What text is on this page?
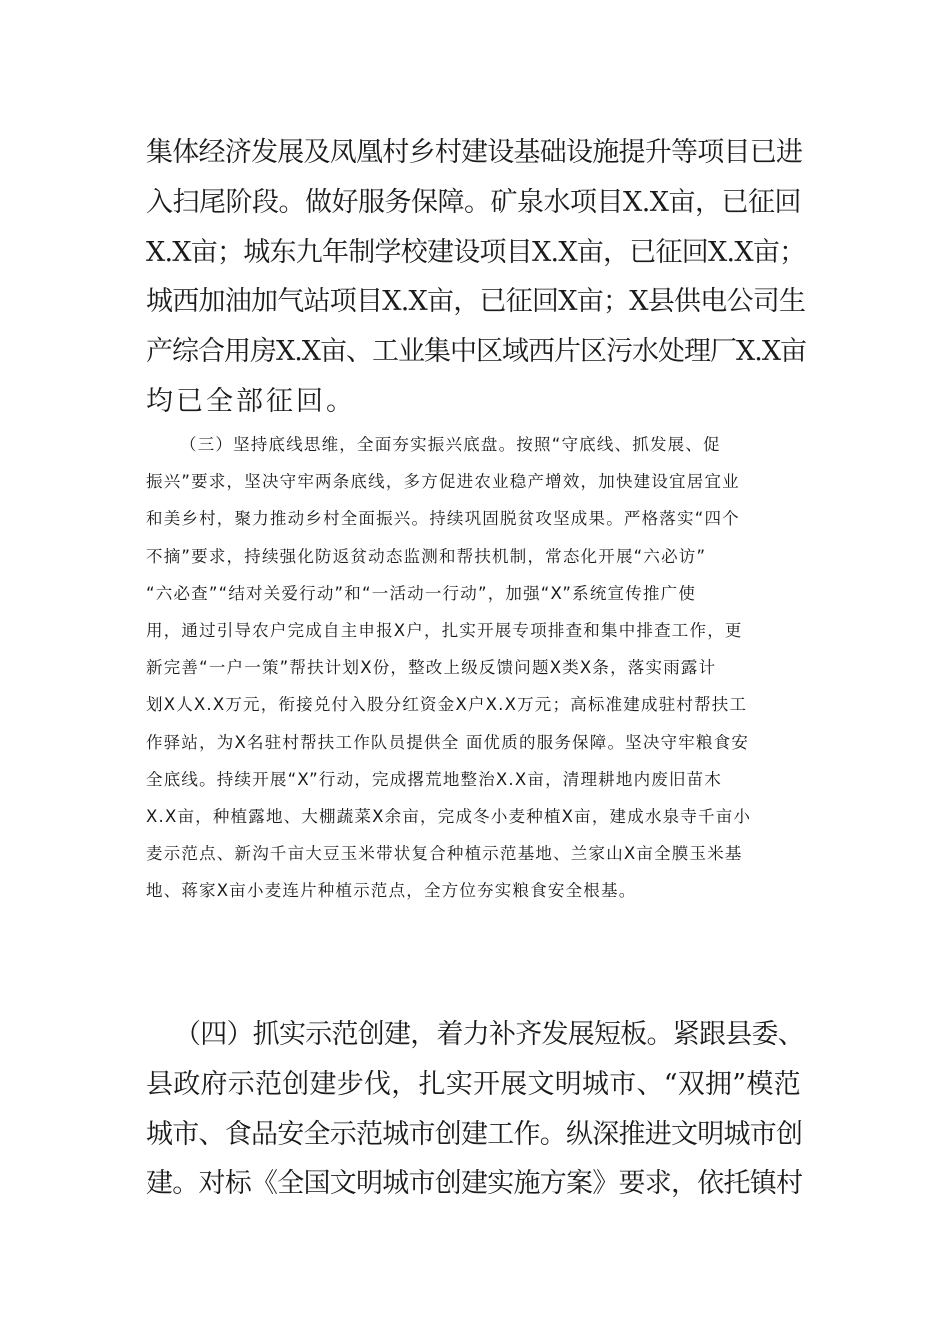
集体经济发展及凤凰村乡村建设基础设施提升等项目已进
入扫尾阶段。做好服务保障。矿泉水项目X.X亩，已征回
X.X亩；城东九年制学校建设项目X.X亩，已征回X.X亩；
城西加油加气站项目X.X亩，已征回X亩；X县供电公司生
产综合用房X.X亩、工业集中区域西片区污水处理厂X.X亩
均已全部征回。
（三）坚持底线思维，全面夯实振兴底盘。按照“守底线、抓发展、促
振兴”要求，坚决守牢两条底线，多方促进农业稳产增效，加快建设宜居宜业
和美乡村，聚力推动乡村全面振兴。持续巩固脱贫攻坚成果。严格落实“四个
不摘”要求，持续强化防返贫动态监测和帮扶机制，常态化开展“六必访”
“六必查”“结对关爱行动”和“一活动一行动”，加强“X”系统宣传推广使
用，通过引导农户完成自主申报X户，扎实开展专项排查和集中排查工作，更
新完善“一户一策”帮扶计划X份，整改上级反馈问题X类X条，落实雨露计
划X人X.X万元，衔接兑付入股分红资金X户X.X万元；高标准建成驻村帮扶工
作驿站，为X名驻村帮扶工作队员提供全 面优质的服务保障。坚决守牢粮食安
全底线。持续开展“X”行动，完成撂荒地整治X.X亩，清理耕地内废旧苗木
X.X亩，种植露地、大棚蔬菜X余亩，完成冬小麦种植X亩，建成水泉寺千亩小
麦示范点、新沟千亩大豆玉米带状复合种植示范基地、兰家山X亩全膜玉米基
地、蒋家X亩小麦连片种植示范点，全方位夯实粮食安全根基。
（四）抓实示范创建，着力补齐发展短板。紧跟县委、
县政府示范创建步伐，扎实开展文明城市、“双拥”模范
城市、食品安全示范城市创建工作。纵深推进文明城市创
建。对标《全国文明城市创建实施方案》要求，依托镇村
